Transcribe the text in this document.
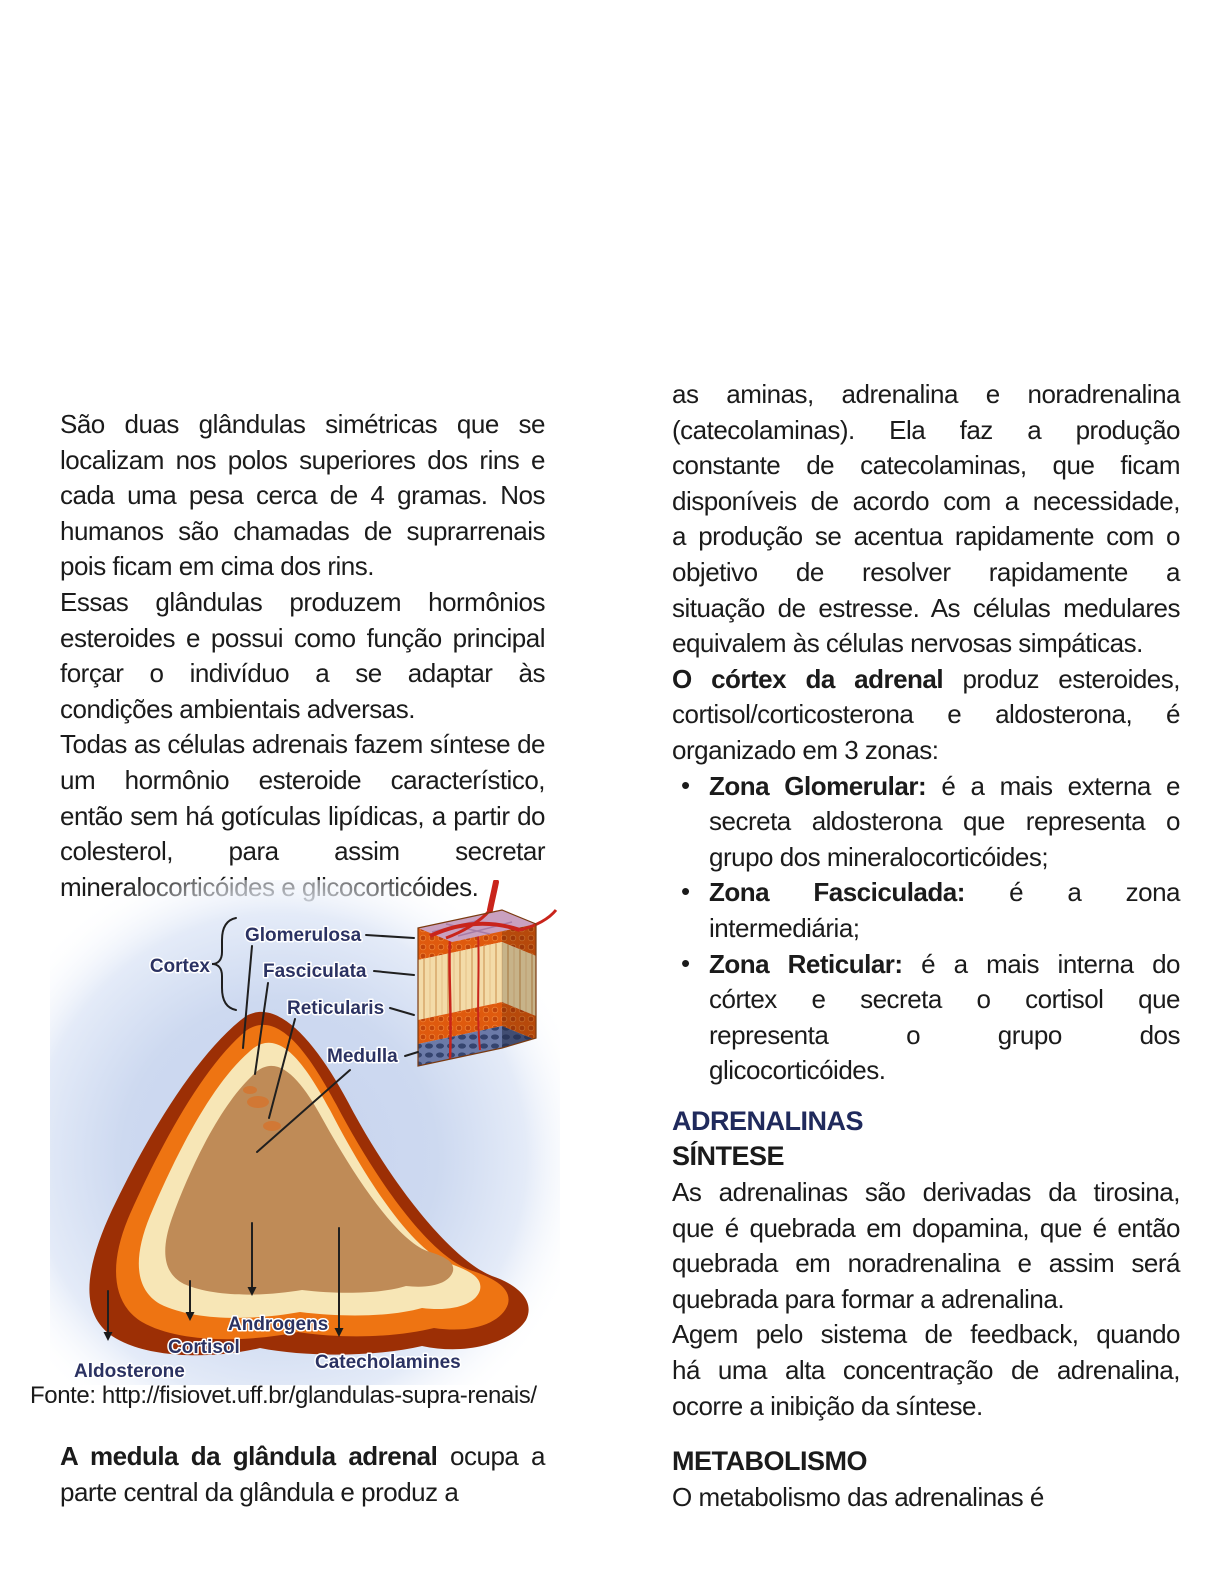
São duas glândulas simétricas que se
localizam nos polos superiores dos rins e
cada uma pesa cerca de 4 gramas. Nos
humanos são chamadas de suprarrenais
pois ficam em cima dos rins.
Essas glândulas produzem hormônios
esteroides e possui como função principal
forçar o indivíduo a se adaptar às
condições ambientais adversas.
Todas as células adrenais fazem síntese de
um hormônio esteroide característico,
então sem há gotículas lipídicas, a partir do
colesterol, para assim secretar
Cortex
Glomerulosa
Fasciculata
Reticularis
Medulla
Aldosterone
Cortisol
Androgens
Catecholamines
Fonte: http://fisiovet.uff.br/glandulas-supra-renais/
A medula da glândula adrenal ocupa a
parte central da glândula e produz a
as aminas, adrenalina e noradrenalina
(catecolaminas). Ela faz a produção
constante de catecolaminas, que ficam
disponíveis de acordo com a necessidade,
a produção se acentua rapidamente com o
objetivo de resolver rapidamente a
situação de estresse. As células medulares
equivalem às células nervosas simpáticas.
O córtex da adrenal produz esteroides,
cortisol/corticosterona e aldosterona, é
organizado em 3 zonas:
• Zona Glomerular: é a mais externa e
secreta aldosterona que representa o
grupo dos mineralocorticóides;
• Zona Fasciculada: é a zona
intermediária;
• Zona Reticular: é a mais interna do
córtex e secreta o cortisol que
representa o grupo dos
glicocorticóides.
ADRENALINAS
SÍNTESE
As adrenalinas são derivadas da tirosina,
que é quebrada em dopamina, que é então
quebrada em noradrenalina e assim será
quebrada para formar a adrenalina.
Agem pelo sistema de feedback, quando
há uma alta concentração de adrenalina,
ocorre a inibição da síntese.
METABOLISMO
O metabolismo das adrenalinas é
